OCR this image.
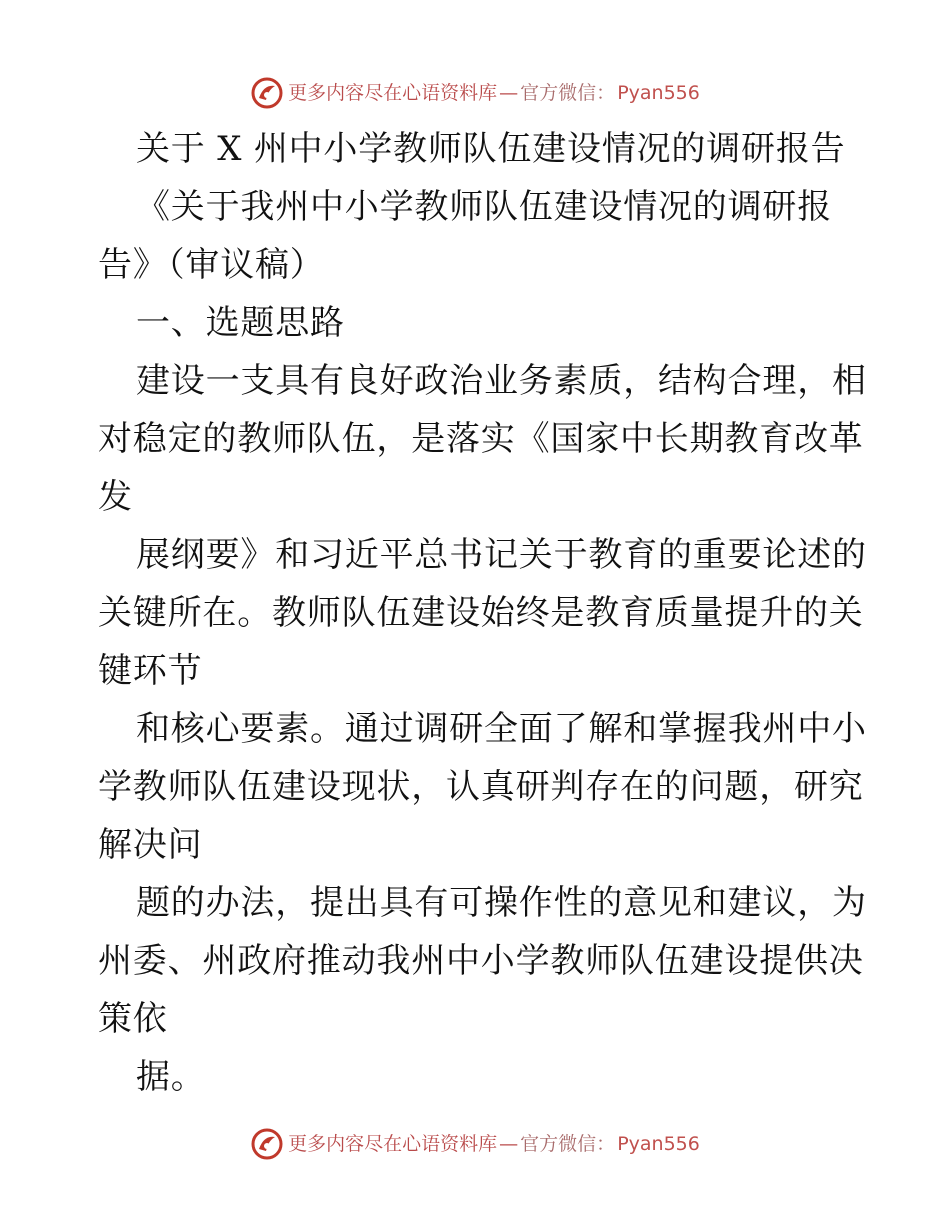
更多内容尽在心语资料库 — 官方微信： Pyan556
关于 X 州中小学教师队伍建设情况的调研报告
《关于我州中小学教师队伍建设情况的调研报
告》（审议稿）
一、选题思路
建设一支具有良好政治业务素质，结构合理，相
对稳定的教师队伍，是落实《国家中长期教育改革
发
展纲要》和习近平总书记关于教育的重要论述的
关键所在。教师队伍建设始终是教育质量提升的关
键环节
和核心要素。通过调研全面了解和掌握我州中小
学教师队伍建设现状，认真研判存在的问题，研究
解决问
题的办法，提出具有可操作性的意见和建议，为
州委、州政府推动我州中小学教师队伍建设提供决
策依
据。
更多内容尽在心语资料库 — 官方微信： Pyan556
